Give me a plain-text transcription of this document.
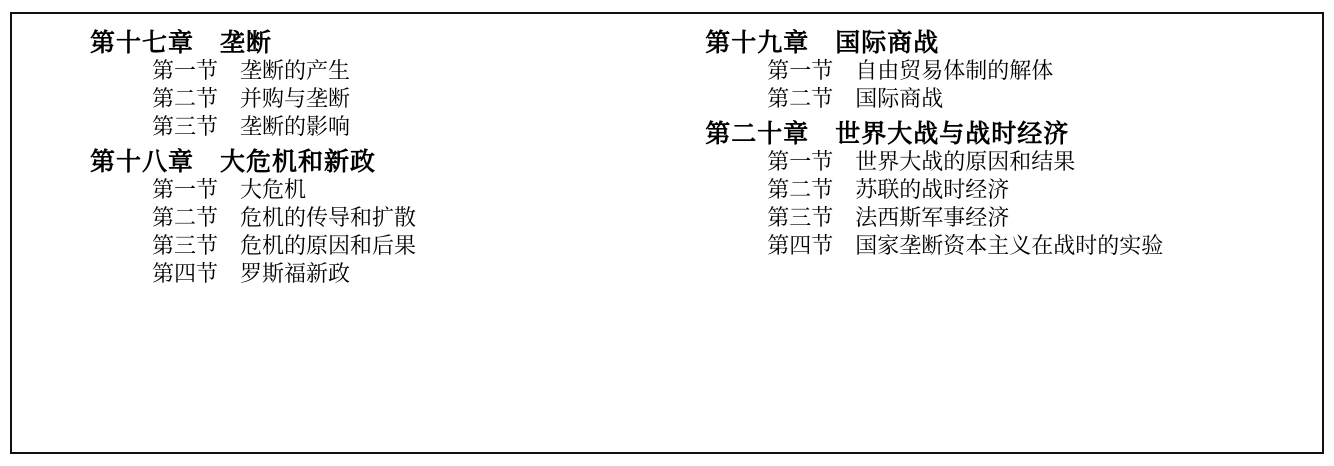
第十七章 垄断
第一节 垄断的产生
第二节 并购与垄断
第三节 垄断的影响
第十八章 大危机和新政
第一节 大危机
第二节 危机的传导和扩散
第三节 危机的原因和后果
第四节 罗斯福新政
第十九章 国际商战
第一节 自由贸易体制的解体
第二节 国际商战
第二十章 世界大战与战时经济
第一节 世界大战的原因和结果
第二节 苏联的战时经济
第三节 法西斯军事经济
第四节 国家垄断资本主义在战时的实验
